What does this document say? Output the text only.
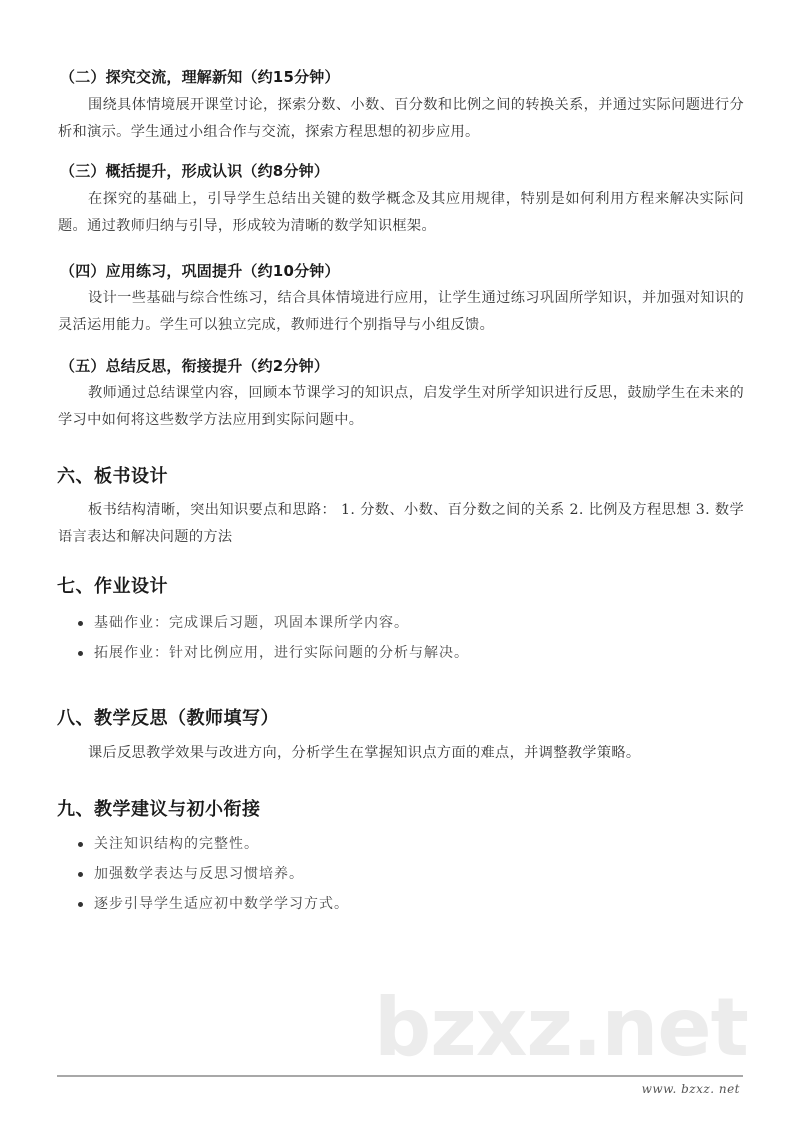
（二）探究交流，理解新知（约15分钟）
围绕具体情境展开课堂讨论，探索分数、小数、百分数和比例之间的转换关系，并通过实际问题进行分析和演示。学生通过小组合作与交流，探索方程思想的初步应用。
（三）概括提升，形成认识（约8分钟）
在探究的基础上，引导学生总结出关键的数学概念及其应用规律，特别是如何利用方程来解决实际问题。通过教师归纳与引导，形成较为清晰的数学知识框架。
（四）应用练习，巩固提升（约10分钟）
设计一些基础与综合性练习，结合具体情境进行应用，让学生通过练习巩固所学知识，并加强对知识的灵活运用能力。学生可以独立完成，教师进行个别指导与小组反馈。
（五）总结反思，衔接提升（约2分钟）
教师通过总结课堂内容，回顾本节课学习的知识点，启发学生对所学知识进行反思，鼓励学生在未来的学习中如何将这些数学方法应用到实际问题中。
六、板书设计
板书结构清晰，突出知识要点和思路： 1. 分数、小数、百分数之间的关系 2. 比例及方程思想 3. 数学语言表达和解决问题的方法
七、作业设计
基础作业：完成课后习题，巩固本课所学内容。
拓展作业：针对比例应用，进行实际问题的分析与解决。
八、教学反思（教师填写）
课后反思教学效果与改进方向，分析学生在掌握知识点方面的难点，并调整教学策略。
九、教学建议与初小衔接
关注知识结构的完整性。
加强数学表达与反思习惯培养。
逐步引导学生适应初中数学学习方式。
bzxz.net
www. bzxz. net
